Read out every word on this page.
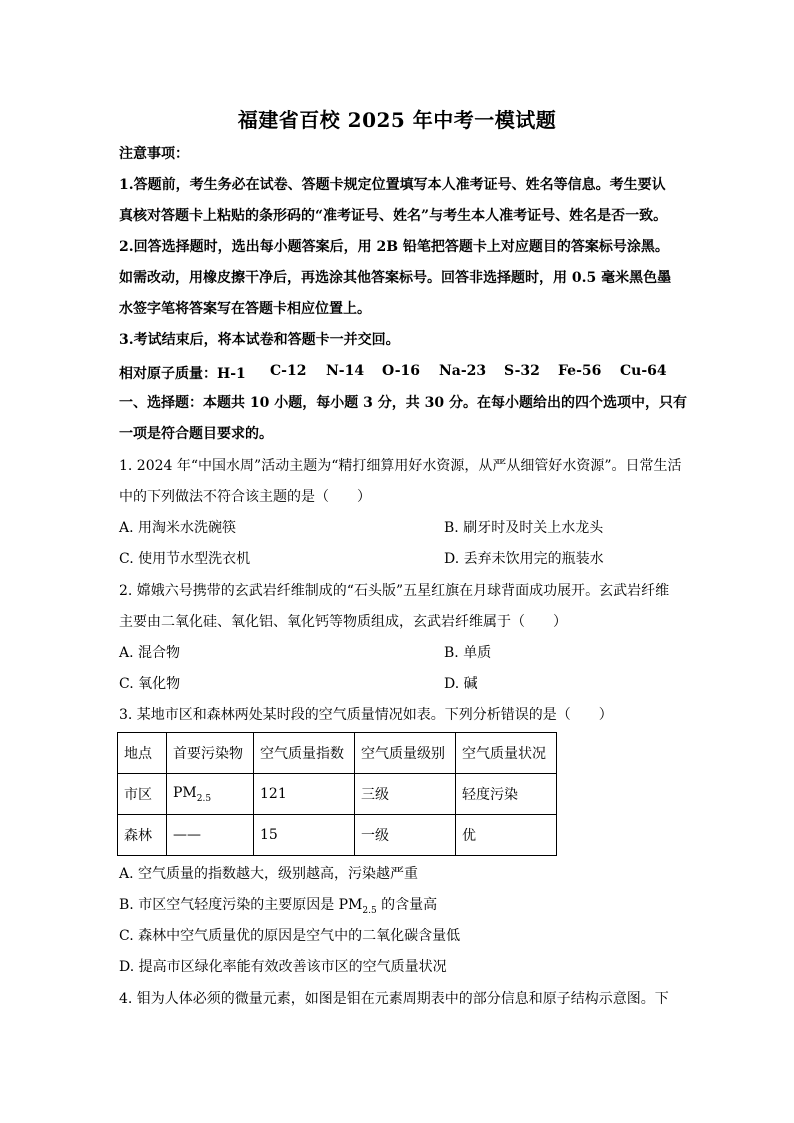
福建省百校 2025 年中考一模试题
注意事项：
1.答题前，考生务必在试卷、答题卡规定位置填写本人准考证号、姓名等信息。考生要认
真核对答题卡上粘贴的条形码的“准考证号、姓名”与考生本人准考证号、姓名是否一致。
2.回答选择题时，选出每小题答案后，用 2B 铅笔把答题卡上对应题目的答案标号涂黑。
如需改动，用橡皮擦干净后，再选涂其他答案标号。回答非选择题时，用 0.5 毫米黑色墨
水签字笔将答案写在答题卡相应位置上。
3.考试结束后，将本试卷和答题卡一并交回。
相对原子质量：H-1 C-12 N-14 O-16 Na-23 S-32 Fe-56 Cu-64
一、选择题：本题共 10 小题，每小题 3 分，共 30 分。在每小题给出的四个选项中，只有
一项是符合题目要求的。
1. 2024 年“中国水周”活动主题为“精打细算用好水资源，从严从细管好水资源”。日常生活
中的下列做法不符合该主题的是（　　）
A. 用淘米水洗碗筷	B. 刷牙时及时关上水龙头
C. 使用节水型洗衣机	D. 丢弃未饮用完的瓶装水
2. 嫦娥六号携带的玄武岩纤维制成的“石头版”五星红旗在月球背面成功展开。玄武岩纤维
主要由二氧化硅、氧化铝、氧化钙等物质组成，玄武岩纤维属于（　　）
A. 混合物	B. 单质
C. 氧化物	D. 碱
3. 某地市区和森林两处某时段的空气质量情况如表。下列分析错误的是（　　）
地点	首要污染物	空气质量指数	空气质量级别	空气质量状况
市区	$PM_{2.5}$	121	三级	轻度污染
森林	——	15	一级	优
A. 空气质量的指数越大，级别越高，污染越严重
B. 市区空气轻度污染的主要原因是 $PM_{2.5}$ 的含量高
C. 森林中空气质量优的原因是空气中的二氧化碳含量低
D. 提高市区绿化率能有效改善该市区的空气质量状况
4. 钼为人体必须的微量元素，如图是钼在元素周期表中的部分信息和原子结构示意图。下
